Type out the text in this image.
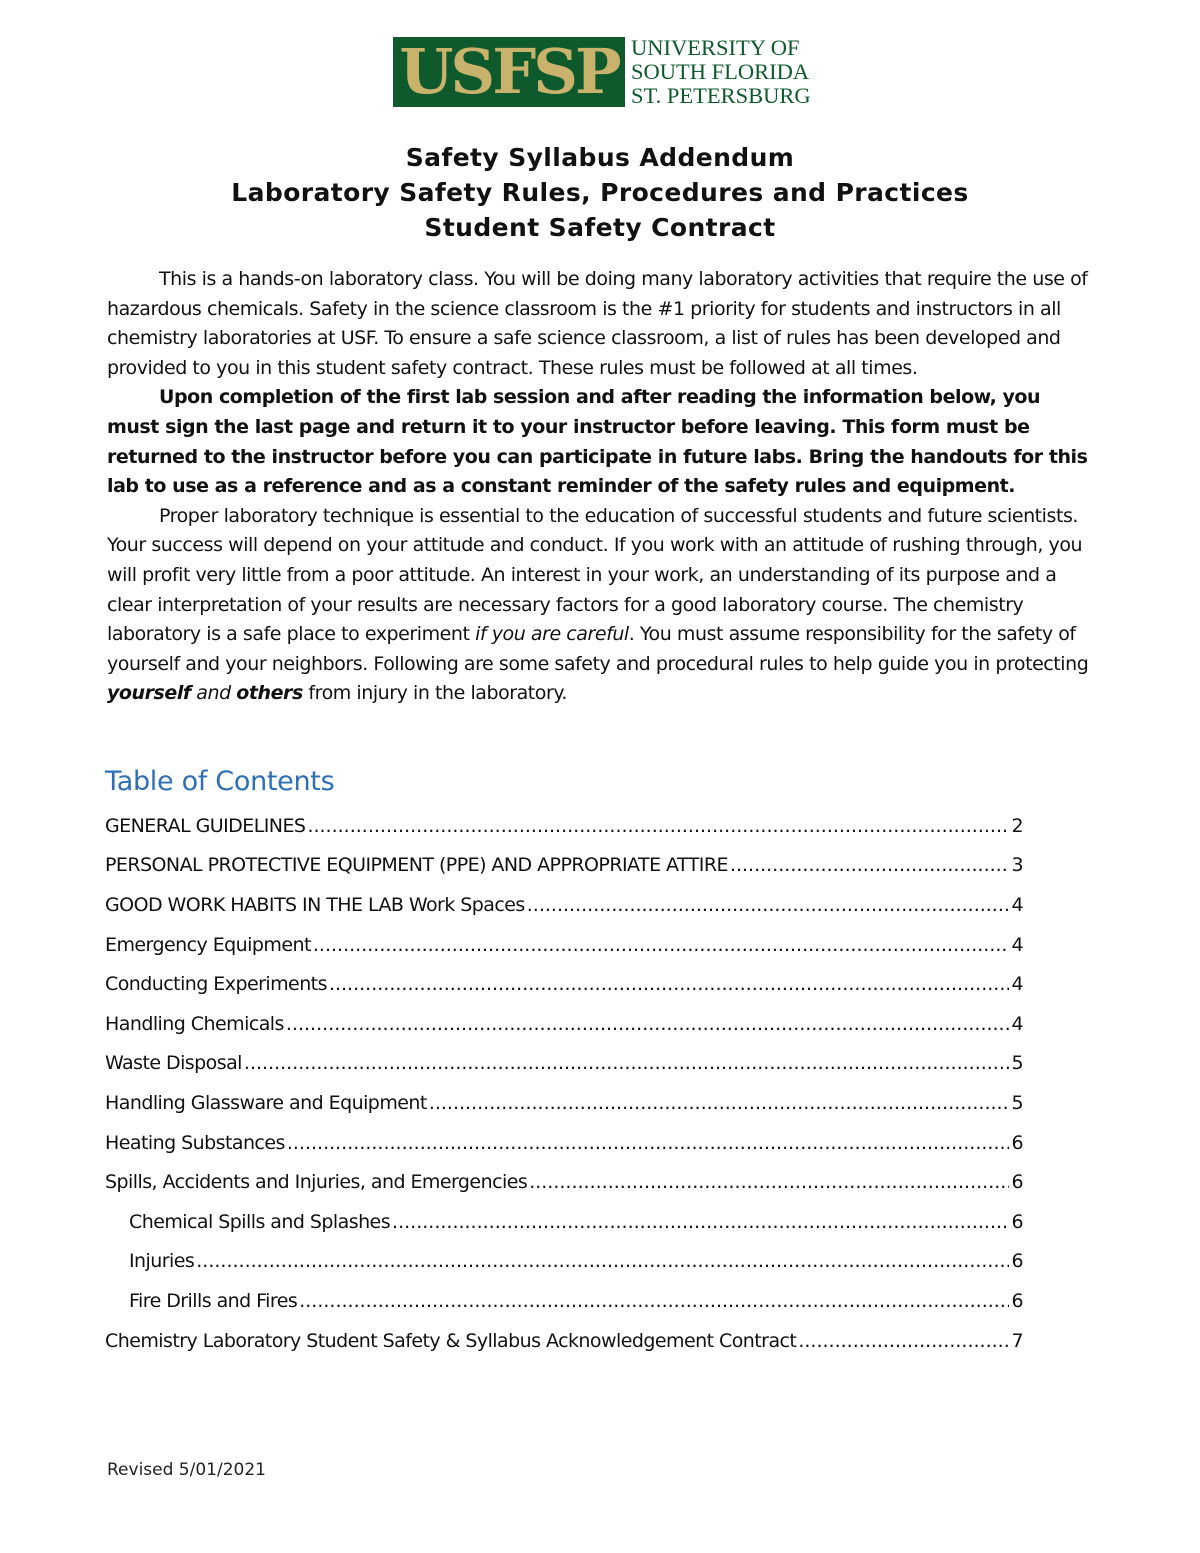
USFSP UNIVERSITY OF
SOUTH FLORIDA
ST. PETERSBURG
Safety Syllabus Addendum
Laboratory Safety Rules, Procedures and Practices
Student Safety Contract

This is a hands-on laboratory class. You will be doing many laboratory activities that require the use of hazardous chemicals. Safety in the science classroom is the #1 priority for students and instructors in all chemistry laboratories at USF. To ensure a safe science classroom, a list of rules has been developed and provided to you in this student safety contract. These rules must be followed at all times.

Upon completion of the first lab session and after reading the information below, you must sign the last page and return it to your instructor before leaving. This form must be returned to the instructor before you can participate in future labs. Bring the handouts for this lab to use as a reference and as a constant reminder of the safety rules and equipment.

Proper laboratory technique is essential to the education of successful students and future scientists. Your success will depend on your attitude and conduct. If you work with an attitude of rushing through, you will profit very little from a poor attitude. An interest in your work, an understanding of its purpose and a clear interpretation of your results are necessary factors for a good laboratory course. The chemistry laboratory is a safe place to experiment if you are careful. You must assume responsibility for the safety of yourself and your neighbors. Following are some safety and procedural rules to help guide you in protecting yourself and others from injury in the laboratory.

Table of Contents
GENERAL GUIDELINES .....	2
PERSONAL PROTECTIVE EQUIPMENT (PPE) AND APPROPRIATE ATTIRE .....	3
GOOD WORK HABITS IN THE LAB Work Spaces .....	4
Emergency Equipment .....	4
Conducting Experiments .....	4
Handling Chemicals .....	4
Waste Disposal .....	5
Handling Glassware and Equipment .....	5
Heating Substances .....	6
Spills, Accidents and Injuries, and Emergencies .....	6
Chemical Spills and Splashes .....	6
Injuries .....	6
Fire Drills and Fires .....	6
Chemistry Laboratory Student Safety & Syllabus Acknowledgement Contract .....	7
Revised 5/01/2021
